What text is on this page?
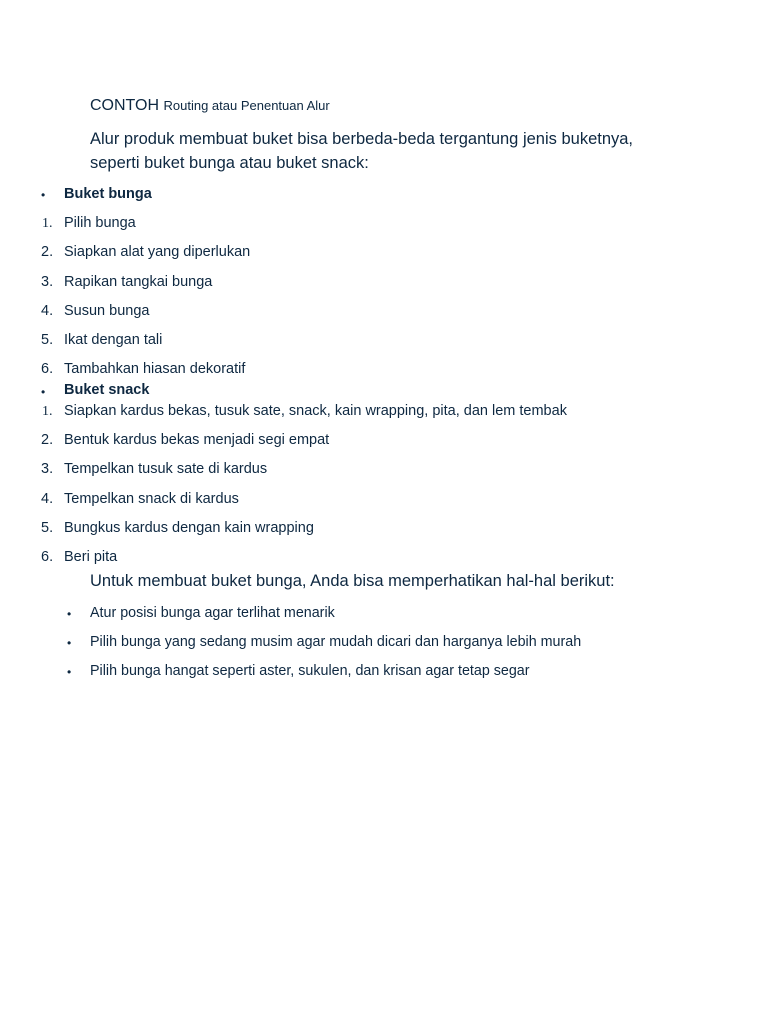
CONTOH Routing atau Penentuan Alur
Alur produk membuat buket bisa berbeda-beda tergantung jenis buketnya,
seperti buket bunga atau buket snack:
• Buket bunga
1. Pilih bunga
2. Siapkan alat yang diperlukan
3. Rapikan tangkai bunga
4. Susun bunga
5. Ikat dengan tali
6. Tambahkan hiasan dekoratif
• Buket snack
1. Siapkan kardus bekas, tusuk sate, snack, kain wrapping, pita, dan lem tembak
2. Bentuk kardus bekas menjadi segi empat
3. Tempelkan tusuk sate di kardus
4. Tempelkan snack di kardus
5. Bungkus kardus dengan kain wrapping
6. Beri pita
Untuk membuat buket bunga, Anda bisa memperhatikan hal-hal berikut:
• Atur posisi bunga agar terlihat menarik
• Pilih bunga yang sedang musim agar mudah dicari dan harganya lebih murah
• Pilih bunga hangat seperti aster, sukulen, dan krisan agar tetap segar
